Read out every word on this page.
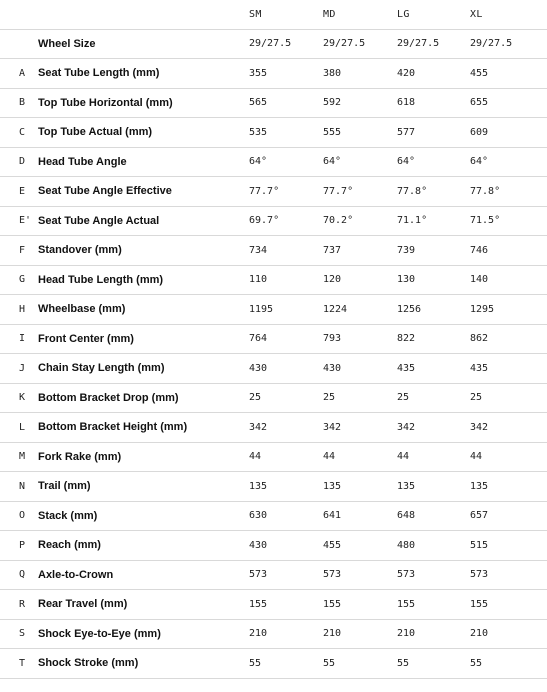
		SM	MD	LG	XL
	Wheel Size	29/27.5	29/27.5	29/27.5	29/27.5
A	Seat Tube Length (mm)	355	380	420	455
B	Top Tube Horizontal (mm)	565	592	618	655
C	Top Tube Actual (mm)	535	555	577	609
D	Head Tube Angle	64°	64°	64°	64°
E	Seat Tube Angle Effective	77.7°	77.7°	77.8°	77.8°
E'	Seat Tube Angle Actual	69.7°	70.2°	71.1°	71.5°
F	Standover (mm)	734	737	739	746
G	Head Tube Length (mm)	110	120	130	140
H	Wheelbase (mm)	1195	1224	1256	1295
I	Front Center (mm)	764	793	822	862
J	Chain Stay Length (mm)	430	430	435	435
K	Bottom Bracket Drop (mm)	25	25	25	25
L	Bottom Bracket Height (mm)	342	342	342	342
M	Fork Rake (mm)	44	44	44	44
N	Trail (mm)	135	135	135	135
O	Stack (mm)	630	641	648	657
P	Reach (mm)	430	455	480	515
Q	Axle-to-Crown	573	573	573	573
R	Rear Travel (mm)	155	155	155	155
S	Shock Eye-to-Eye (mm)	210	210	210	210
T	Shock Stroke (mm)	55	55	55	55
